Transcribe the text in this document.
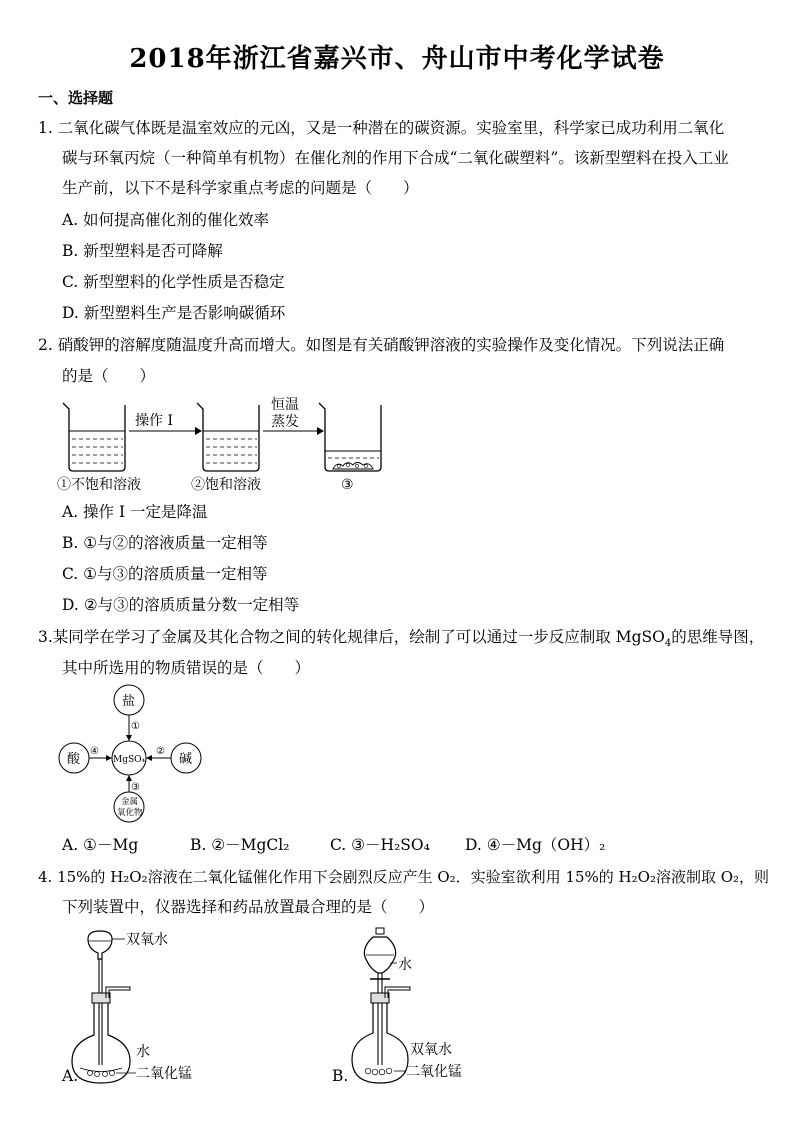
2018年浙江省嘉兴市、舟山市中考化学试卷
一、选择题
1. 二氧化碳气体既是温室效应的元凶，又是一种潜在的碳资源。实验室里，科学家已成功利用二氧化
碳与环氧丙烷（一种简单有机物）在催化剂的作用下合成“二氧化碳塑料”。该新型塑料在投入工业
生产前，以下不是科学家重点考虑的问题是（　　）
A. 如何提高催化剂的催化效率
B. 新型塑料是否可降解
C. 新型塑料的化学性质是否稳定
D. 新型塑料生产是否影响碳循环
2. 硝酸钾的溶解度随温度升高而增大。如图是有关硝酸钾溶液的实验操作及变化情况。下列说法正确
的是（　　）
操作 I
恒温
蒸发
①不饱和溶液	②饱和溶液	③
A. 操作 I 一定是降温
B. ①与②的溶液质量一定相等
C. ①与③的溶质质量一定相等
D. ②与③的溶质质量分数一定相等
3.某同学在学习了金属及其化合物之间的转化规律后，绘制了可以通过一步反应制取 MgSO$_4$的思维导图，
其中所选用的物质错误的是（　　）
盐
酸	MgSO₄	碱
金属
氧化物
①
②
③
④
A. ①－Mg	B. ②－MgCl₂	C. ③－H₂SO₄ D. ④－Mg（OH）₂
4. 15%的 H₂O₂溶液在二氧化锰催化作用下会剧烈反应产生 O₂．实验室欲利用 15%的 H₂O₂溶液制取 O₂，则
下列装置中，仪器选择和药品放置最合理的是（　　）
双氧水
水
二氧化锰
A.
水
双氧水
二氧化锰
B.
